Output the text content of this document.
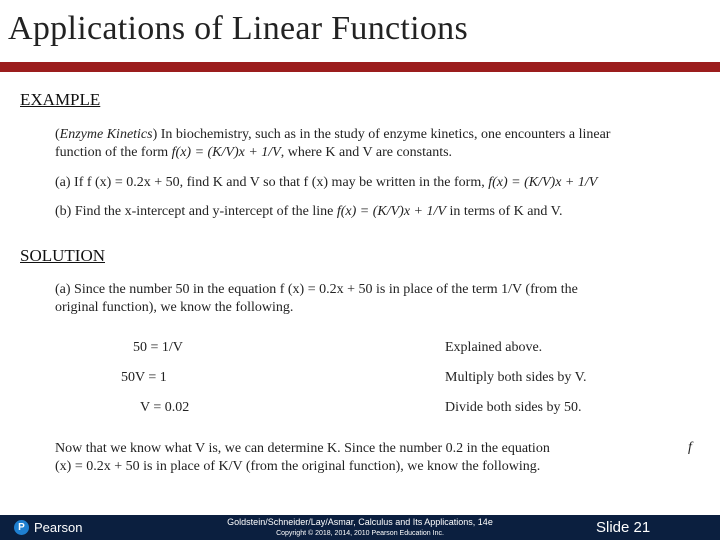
Applications of Linear Functions
EXAMPLE
(Enzyme Kinetics) In biochemistry, such as in the study of enzyme kinetics, one encounters a linear
function of the form f(x) = (K/V)x + 1/V, where K and V are constants.
(a) If f (x) = 0.2x + 50, find K and V so that f (x) may be written in the form, f(x) = (K/V)x + 1/V
(b) Find the x-intercept and y-intercept of the line f(x) = (K/V)x + 1/V in terms of K and V.
SOLUTION
(a) Since the number 50 in the equation f (x) = 0.2x + 50 is in place of the term 1/V (from the
original function), we know the following.
50 = 1/V	Explained above.
50V = 1	Multiply both sides by V.
V = 0.02	Divide both sides by 50.
Now that we know what V is, we can determine K. Since the number 0.2 in the equation
(x) = 0.2x + 50 is in place of K/V (from the original function), we know the following.
f
P Pearson	Goldstein/Schneider/Lay/Asmar, Calculus and Its Applications, 14e
Copyright © 2018, 2014, 2010 Pearson Education Inc.	Slide 21
